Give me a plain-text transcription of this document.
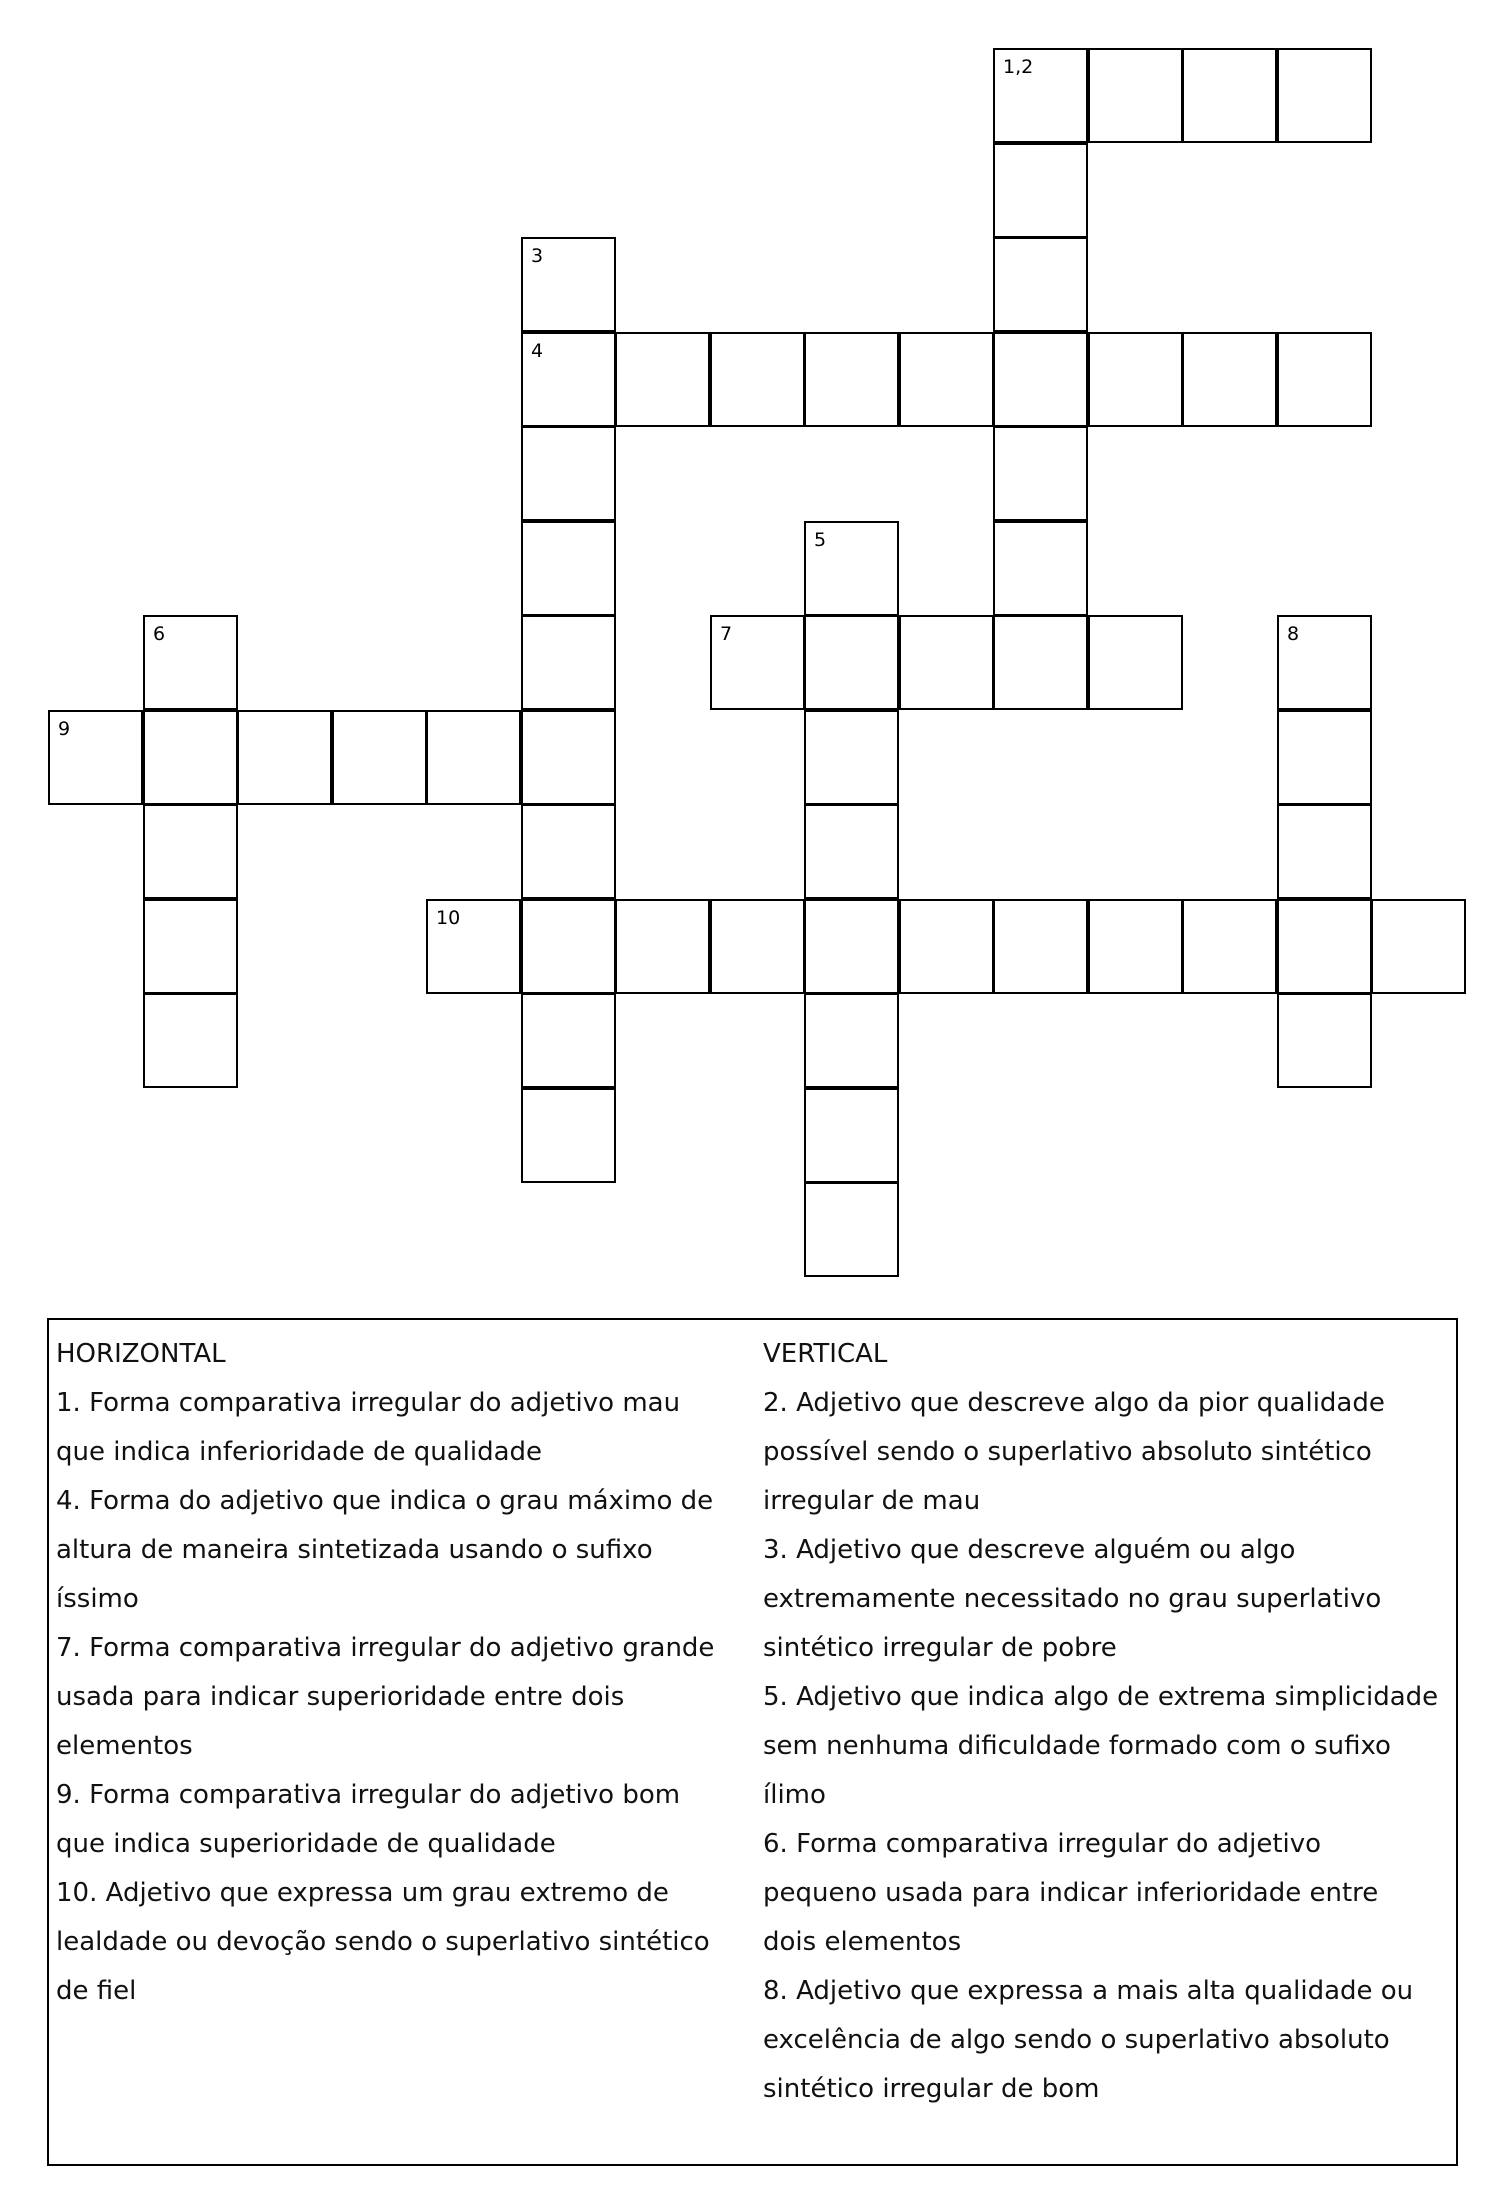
1,2
3
4
5
6	7	8
9
10

HORIZONTAL

1. Forma comparativa irregular do adjetivo mau
que indica inferioridade de qualidade

4. Forma do adjetivo que indica o grau máximo de
altura de maneira sintetizada usando o sufixo
íssimo

7. Forma comparativa irregular do adjetivo grande
usada para indicar superioridade entre dois
elementos

9. Forma comparativa irregular do adjetivo bom
que indica superioridade de qualidade

10. Adjetivo que expressa um grau extremo de
lealdade ou devoção sendo o superlativo sintético
de fiel

VERTICAL

2. Adjetivo que descreve algo da pior qualidade
possível sendo o superlativo absoluto sintético
irregular de mau

3. Adjetivo que descreve alguém ou algo
extremamente necessitado no grau superlativo
sintético irregular de pobre

5. Adjetivo que indica algo de extrema simplicidade
sem nenhuma dificuldade formado com o sufixo
ílimo

6. Forma comparativa irregular do adjetivo
pequeno usada para indicar inferioridade entre
dois elementos

8. Adjetivo que expressa a mais alta qualidade ou
excelência de algo sendo o superlativo absoluto
sintético irregular de bom
